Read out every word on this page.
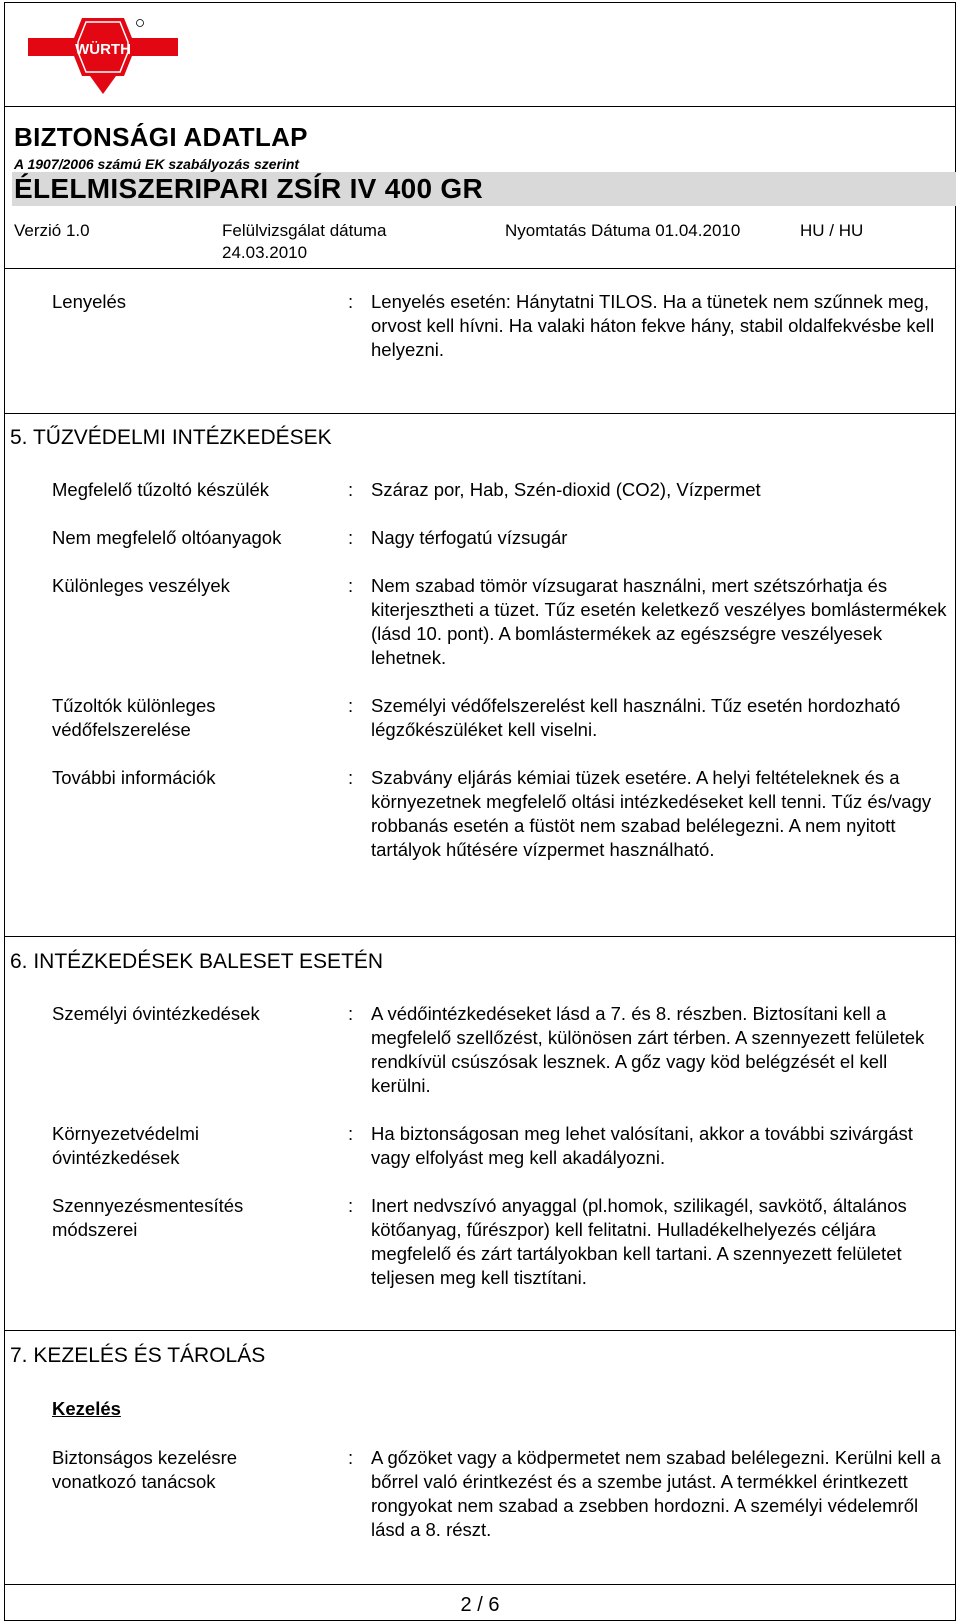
WÜRTH
BIZTONSÁGI ADATLAP
A 1907/2006 számú EK szabályozás szerint
ÉLELMISZERIPARI ZSÍR IV 400 GR
Verzió 1.0	Felülvizsgálat dátuma
24.03.2010
Nyomtatás Dátuma 01.04.2010	HU / HU
Lenyelés	: Lenyelés esetén: Hánytatni TILOS. Ha a tünetek nem szűnnek meg, orvost kell hívni. Ha valaki háton fekve hány, stabil oldalfekvésbe kell helyezni.
5. TŰZVÉDELMI INTÉZKEDÉSEK
Megfelelő tűzoltó készülék	: Száraz por, Hab, Szén-dioxid (CO2), Vízpermet
Nem megfelelő oltóanyagok	: Nagy térfogatú vízsugár
Különleges veszélyek	: Nem szabad tömör vízsugarat használni, mert szétszórhatja és kiterjesztheti a tüzet. Tűz esetén keletkező veszélyes bomlástermékek (lásd 10. pont). A bomlástermékek az egészségre veszélyesek lehetnek.
Tűzoltók különleges védőfelszerelése
: Személyi védőfelszerelést kell használni. Tűz esetén hordozható légzőkészüléket kell viselni.
További információk	: Szabvány eljárás kémiai tüzek esetére. A helyi feltételeknek és a környezetnek megfelelő oltási intézkedéseket kell tenni. Tűz és/vagy robbanás esetén a füstöt nem szabad belélegezni. A nem nyitott tartályok hűtésére vízpermet használható.
6. INTÉZKEDÉSEK BALESET ESETÉN
Személyi óvintézkedések	: A védőintézkedéseket lásd a 7. és 8. részben. Biztosítani kell a megfelelő szellőzést, különösen zárt térben. A szennyezett felületek rendkívül csúszósak lesznek. A gőz vagy köd belégzését el kell kerülni.
Környezetvédelmi óvintézkedések
: Ha biztonságosan meg lehet valósítani, akkor a további szivárgást vagy elfolyást meg kell akadályozni.
Szennyezésmentesítés módszerei
: Inert nedvszívó anyaggal (pl.homok, szilikagél, savkötő, általános kötőanyag, fűrészpor) kell felitatni. Hulladékelhelyezés céljára megfelelő és zárt tartályokban kell tartani. A szennyezett felületet teljesen meg kell tisztítani.
7. KEZELÉS ÉS TÁROLÁS
Kezelés
Biztonságos kezelésre vonatkozó tanácsok
: A gőzöket vagy a ködpermetet nem szabad belélegezni. Kerülni kell a bőrrel való érintkezést és a szembe jutást. A termékkel érintkezett rongyokat nem szabad a zsebben hordozni. A személyi védelemről lásd a 8. részt.
2 / 6
